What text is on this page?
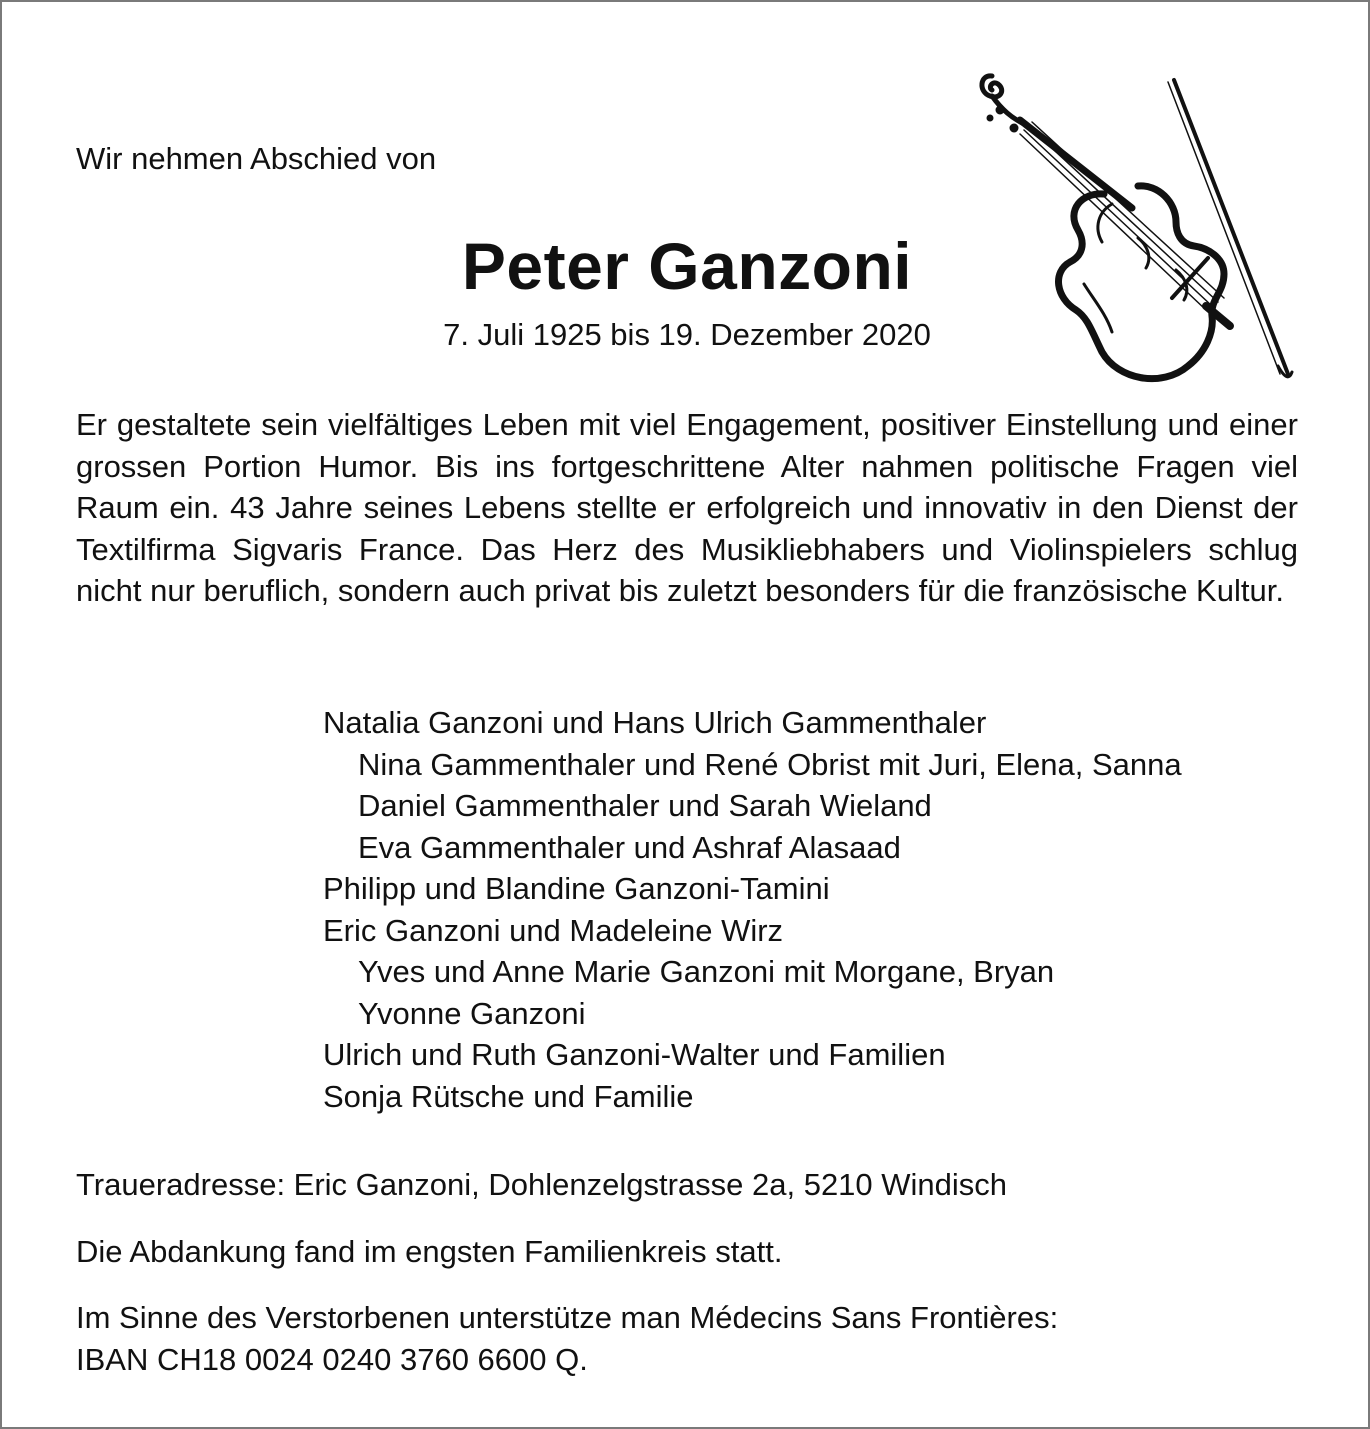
Wir nehmen Abschied von

Peter Ganzoni

7. Juli 1925 bis 19. Dezember 2020

Er gestaltete sein vielfältiges Leben mit viel Engagement, positiver Einstellung und einer grossen Portion Humor. Bis ins fortgeschrittene Alter nahmen politische Fragen viel Raum ein. 43 Jahre seines Lebens stellte er erfolgreich und innovativ in den Dienst der Textilfirma Sigvaris France. Das Herz des Musikliebhabers und Violinspielers schlug nicht nur beruflich, sondern auch privat bis zuletzt besonders für die französische Kultur.

Natalia Ganzoni und Hans Ulrich Gammenthaler
Nina Gammenthaler und René Obrist mit Juri, Elena, Sanna
Daniel Gammenthaler und Sarah Wieland
Eva Gammenthaler und Ashraf Alasaad
Philipp und Blandine Ganzoni-Tamini
Eric Ganzoni und Madeleine Wirz
Yves und Anne Marie Ganzoni mit Morgane, Bryan
Yvonne Ganzoni
Ulrich und Ruth Ganzoni-Walter und Familien
Sonja Rütsche und Familie

Traueradresse: Eric Ganzoni, Dohlenzelgstrasse 2a, 5210 Windisch

Die Abdankung fand im engsten Familienkreis statt.

Im Sinne des Verstorbenen unterstütze man Médecins Sans Frontières:
IBAN CH18 0024 0240 3760 6600 Q.
